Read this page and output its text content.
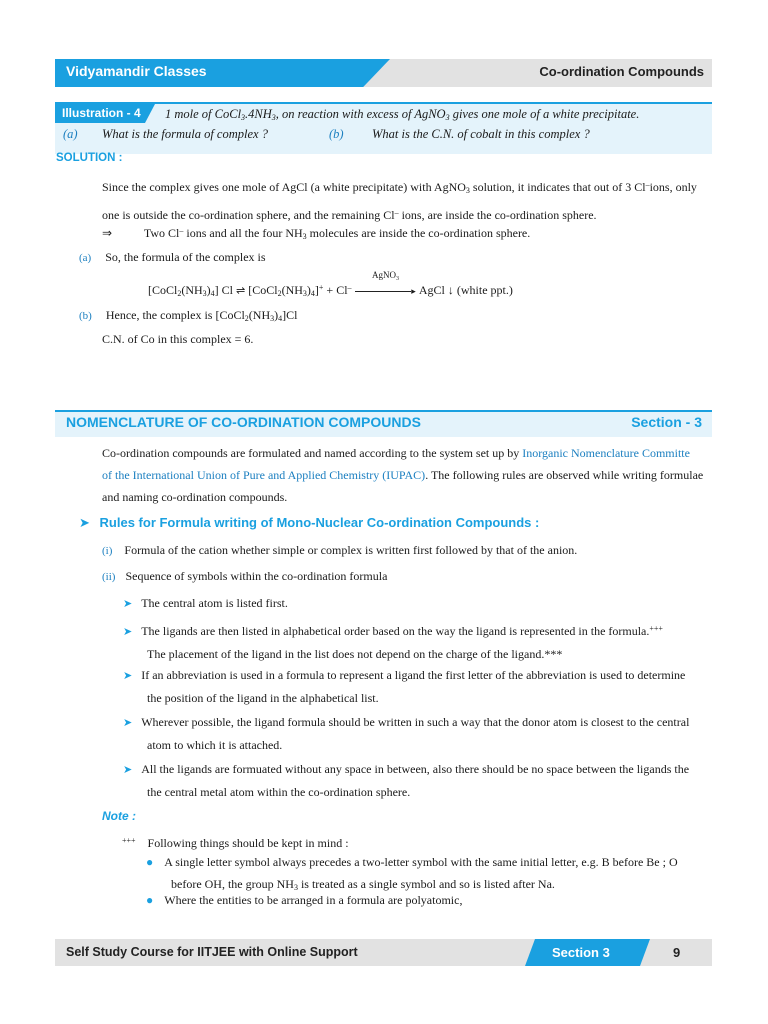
Vidyamandir Classes	Co-ordination Compounds
Illustration - 4 1 mole of $CoCl_3.4NH_3$, on reaction with excess of AgNO$_3$ gives one mole of a white precipitate.
(a) What is the formula of complex ?	(b) What is the C.N. of cobalt in this complex ?
SOLUTION :
Since the complex gives one mole of AgCl (a white precipitate) with AgNO$_3$ solution, it indicates that out of 3 Cl–ions, only
one is outside the co-ordination sphere, and the remaining Cl– ions, are inside the co-ordination sphere.
⇒	Two Cl– ions and all the four $NH_3$ molecules are inside the co-ordination sphere.
(a) So, the formula of the complex is
$[CoCl_2(NH_3)_4]$ Cl ⇌ $[CoCl_2(NH_3)_4]^+ + Cl^-$
AgNO$_3$
▸ AgCl ↓ (white ppt.)
(b) Hence, the complex is $[CoCl_2(NH_3)_4]Cl$
C.N. of Co in this complex = 6.
NOMENCLATURE OF CO-ORDINATION COMPOUNDS	Section - 3
Co-ordination compounds are formulated and named according to the system set up by Inorganic Nomenclature Committe
of the International Union of Pure and Applied Chemistry (IUPAC). The following rules are observed while writing formulae
and naming co-ordination compounds.
➤ Rules for Formula writing of Mono-Nuclear Co-ordination Compounds :
(i) Formula of the cation whether simple or complex is written first followed by that of the anion.
(ii) Sequence of symbols within the co-ordination formula
➤ The central atom is listed first.
➤ The ligands are then listed in alphabetical order based on the way the ligand is represented in the formula.+++
The placement of the ligand in the list does not depend on the charge of the ligand.***
➤ If an abbreviation is used in a formula to represent a ligand the first letter of the abbreviation is used to determine
the position of the ligand in the alphabetical list.
➤ Wherever possible, the ligand formula should be written in such a way that the donor atom is closest to the central
atom to which it is attached.
➤ All the ligands are formuated without any space in between, also there should be no space between the ligands the
the central metal atom within the co-ordination sphere.
Note :
+++ Following things should be kept in mind :
● A single letter symbol always precedes a two-letter symbol with the same initial letter, e.g. B before Be ; O
before OH, the group $NH_3$ is treated as a single symbol and so is listed after Na.
● Where the entities to be arranged in a formula are polyatomic,
Self Study Course for IITJEE with Online Support	Section 3	9
